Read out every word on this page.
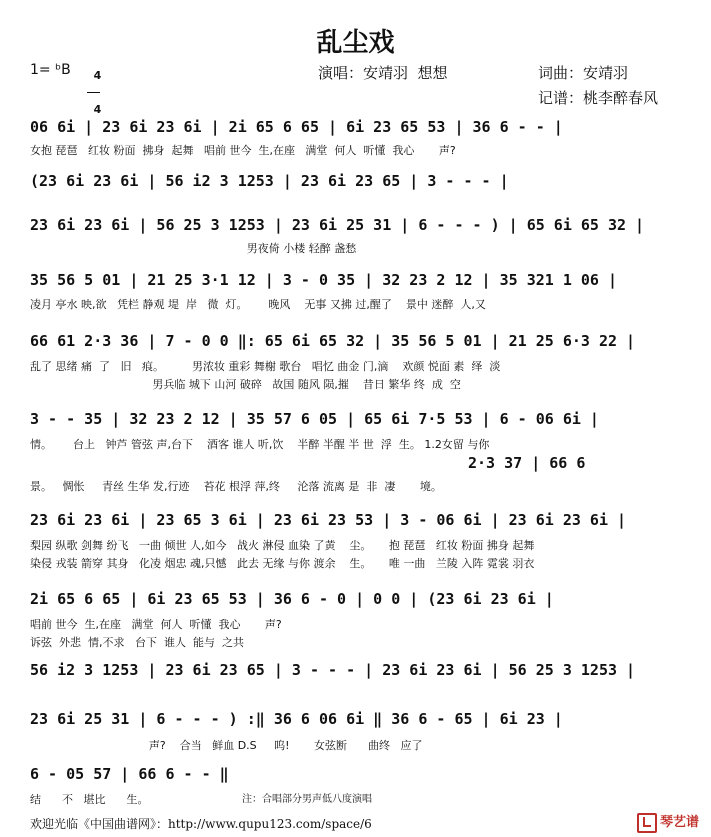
乱尘戏
演唱：安靖羽  想想	词曲：安靖羽
记谱：桃李醉春风
1= ᵇB	4

4

06 6i | 23 6i 23 6i | 2i 65 6 65 | 6i 23 65 53 | 36 6 - - |
女抱 琵琶   红妆 粉面  拂身  起舞   唱前 世今  生,在座   满堂  何人  听懂  我心       声?
(23 6i 23 6i | 56 i2 3 1253 | 23 6i 23 65 | 3 - - - |
23 6i 23 6i | 56 25 3 1253 | 23 6i 25 31 | 6 - - - ) | 65 6i 65 32 |
男夜倚 小楼 轻醉 盏愁
35 56 5 01 | 21 25 3·1 12 | 3 - 0 35 | 32 23 2 12 | 35 321 1 06 |
凌月 亭水 映,欲   凭栏 静观 堤  岸   微  灯。      晚风    无事 又拂 过,醒了    景中 迷醉  人,又
66 61 2·3 36 | 7 - 0 0 ‖: 65 6i 65 32 | 35 56 5 01 | 21 25 6·3 22 |
乱了 思绪 痛  了   旧   痕。        男浓妆 重彩 舞榭 歌台   唱忆 曲金 门,滴    欢颜 悦面 素  绎  淡
男兵临 城下 山河 破碎   故国 随风 陨,摧    昔日 繁华 终  成  空
3 - - 35 | 32 23 2 12 | 35 57 6 05 | 65 6i 7·5 53 | 6 - 06 6i |
情。      台上   钟芦 管弦 声,台下    酒客 谁人 听,饮    半醉 半醒 半 世  浮  生。 1.2女留 与你
2·3 37 | 66 6
景。   惆怅     青丝 生华 发,行迹    苔花 根浮 萍,终     沦落 流离 是  非  凄       境。
23 6i 23 6i | 23 65 3 6i | 23 6i 23 53 | 3 - 06 6i | 23 6i 23 6i |
梨园 纵歌 剑舞 纷飞   一曲 倾世 人,如今   战火 淋侵 血染 了黄    尘。     抱 琵琶   红妆 粉面 拂身 起舞
染侵 戎装 箭穿 其身   化凌 烟忠 魂,只憾   此去 无缘 与你 渡余    生。     唯 一曲   兰陵 入阵 霓裳 羽衣
2i 65 6 65 | 6i 23 65 53 | 36 6 - 0 | 0 0 | (23 6i 23 6i |
唱前 世今  生,在座   满堂  何人  听懂  我心       声?
诉弦  外悲  情,不求   台下  谁人  能与  之共
56 i2 3 1253 | 23 6i 23 65 | 3 - - - | 23 6i 23 6i | 56 25 3 1253 |
23 6i 25 31 | 6 - - - ) :‖ 36 6 06 6i ‖ 36 6 - 65 | 6i 23 |
声?    合当   鲜血 D.S     呜!       女弦断      曲终   应了
6 - 05 57 | 66 6 - - ‖
结      不   堪比      生。	注：合唱部分男声低八度演唱
欢迎光临《中国曲谱网》：http://www.qupu123.com/space/6	琴艺谱
